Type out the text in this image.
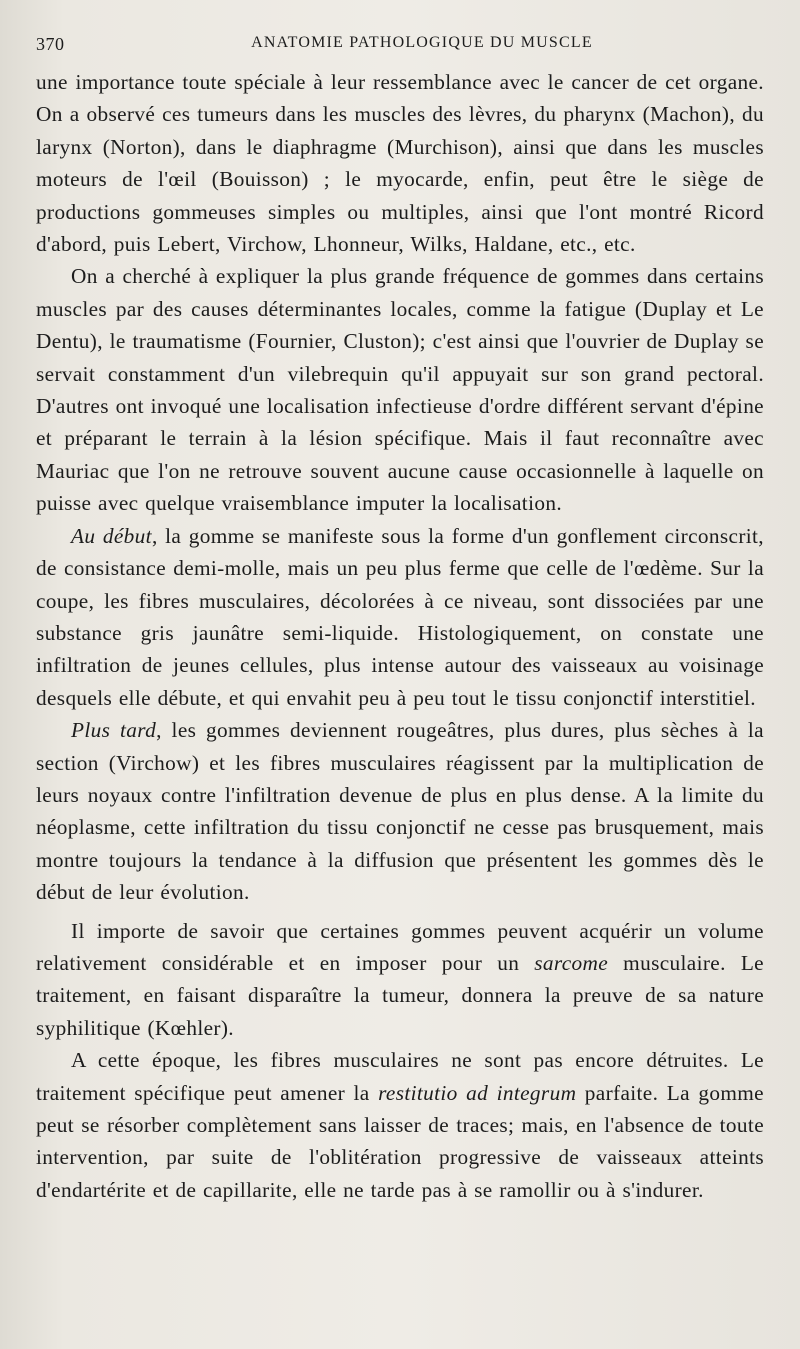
370	ANATOMIE PATHOLOGIQUE DU MUSCLE

une importance toute spéciale à leur ressemblance avec le cancer de cet organe. On a observé ces tumeurs dans les muscles des lèvres, du pharynx (Machon), du larynx (Norton), dans le diaphragme (Murchison), ainsi que dans les muscles moteurs de l'œil (Bouisson) ; le myocarde, enfin, peut être le siège de productions gommeuses simples ou multiples, ainsi que l'ont montré Ricord d'abord, puis Lebert, Virchow, Lhonneur, Wilks, Haldane, etc., etc.

On a cherché à expliquer la plus grande fréquence de gommes dans certains muscles par des causes déterminantes locales, comme la fatigue (Duplay et Le Dentu), le traumatisme (Fournier, Cluston); c'est ainsi que l'ouvrier de Duplay se servait constamment d'un vilebrequin qu'il appuyait sur son grand pectoral. D'autres ont invoqué une localisation infectieuse d'ordre différent servant d'épine et préparant le terrain à la lésion spécifique. Mais il faut reconnaître avec Mauriac que l'on ne retrouve souvent aucune cause occasionnelle à laquelle on puisse avec quelque vraisemblance imputer la localisation.

Au début, la gomme se manifeste sous la forme d'un gonflement circonscrit, de consistance demi-molle, mais un peu plus ferme que celle de l'œdème. Sur la coupe, les fibres musculaires, décolorées à ce niveau, sont dissociées par une substance gris jaunâtre semi-liquide. Histologiquement, on constate une infiltration de jeunes cellules, plus intense autour des vaisseaux au voisinage desquels elle débute, et qui envahit peu à peu tout le tissu conjonctif interstitiel.

Plus tard, les gommes deviennent rougeâtres, plus dures, plus sèches à la section (Virchow) et les fibres musculaires réagissent par la multiplication de leurs noyaux contre l'infiltration devenue de plus en plus dense. A la limite du néoplasme, cette infiltration du tissu conjonctif ne cesse pas brusquement, mais montre toujours la tendance à la diffusion que présentent les gommes dès le début de leur évolution.

Il importe de savoir que certaines gommes peuvent acquérir un volume relativement considérable et en imposer pour un sarcome musculaire. Le traitement, en faisant disparaître la tumeur, donnera la preuve de sa nature syphilitique (Kœhler).

A cette époque, les fibres musculaires ne sont pas encore détruites. Le traitement spécifique peut amener la restitutio ad integrum parfaite. La gomme peut se résorber complètement sans laisser de traces; mais, en l'absence de toute intervention, par suite de l'oblitération progressive de vaisseaux atteints d'endartérite et de capillarite, elle ne tarde pas à se ramollir ou à s'indurer.
